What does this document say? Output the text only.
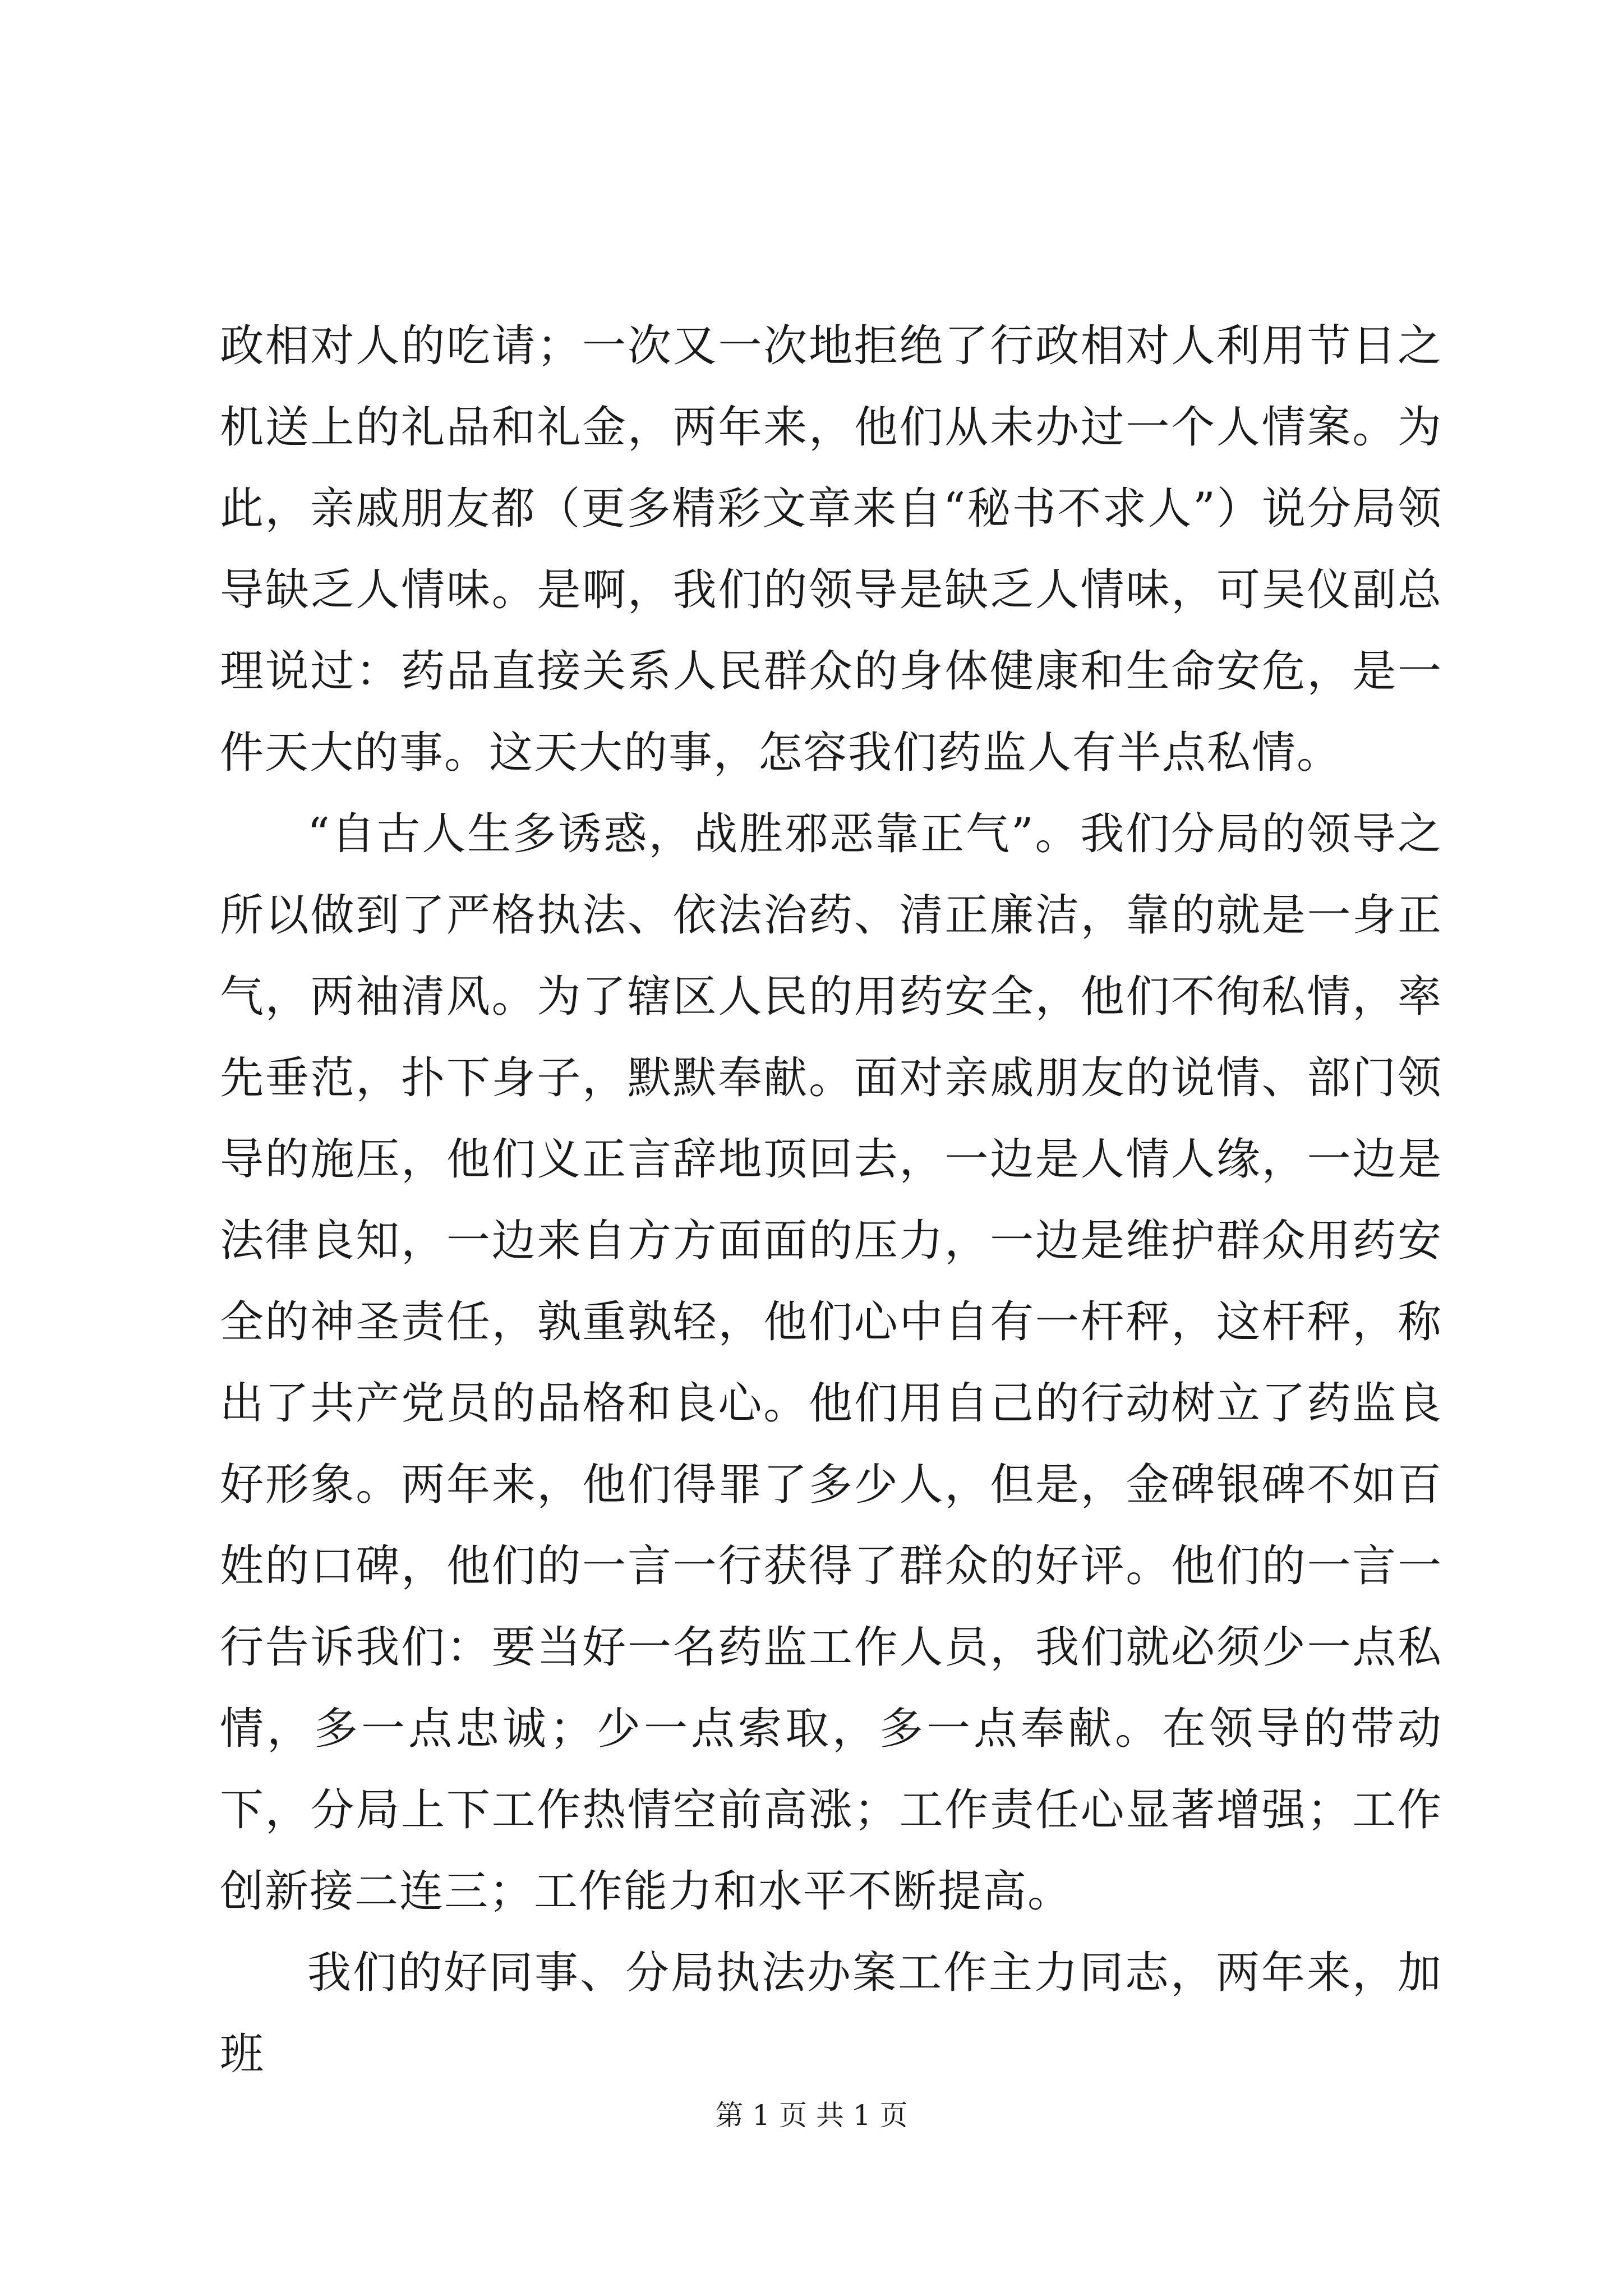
政相对人的吃请；一次又一次地拒绝了行政相对人利用节日之机送上的礼品和礼金，两年来，他们从未办过一个人情案。为此，亲戚朋友都（更多精彩文章来自“秘书不求人”）说分局领导缺乏人情味。是啊，我们的领导是缺乏人情味，可吴仪副总理说过：药品直接关系人民群众的身体健康和生命安危，是一件天大的事。这天大的事，怎容我们药监人有半点私情。

“自古人生多诱惑，战胜邪恶靠正气”。我们分局的领导之所以做到了严格执法、依法治药、清正廉洁，靠的就是一身正气，两袖清风。为了辖区人民的用药安全，他们不徇私情，率先垂范，扑下身子，默默奉献。面对亲戚朋友的说情、部门领导的施压，他们义正言辞地顶回去，一边是人情人缘，一边是法律良知，一边来自方方面面的压力，一边是维护群众用药安全的神圣责任，孰重孰轻，他们心中自有一杆秤，这杆秤，称出了共产党员的品格和良心。他们用自己的行动树立了药监良好形象。两年来，他们得罪了多少人，但是，金碑银碑不如百姓的口碑，他们的一言一行获得了群众的好评。他们的一言一行告诉我们：要当好一名药监工作人员，我们就必须少一点私情，多一点忠诚；少一点索取，多一点奉献。在领导的带动下，分局上下工作热情空前高涨；工作责任心显著增强；工作创新接二连三；工作能力和水平不断提高。

我们的好同事、分局执法办案工作主力同志，两年来，加班

第 1 页 共 1 页
